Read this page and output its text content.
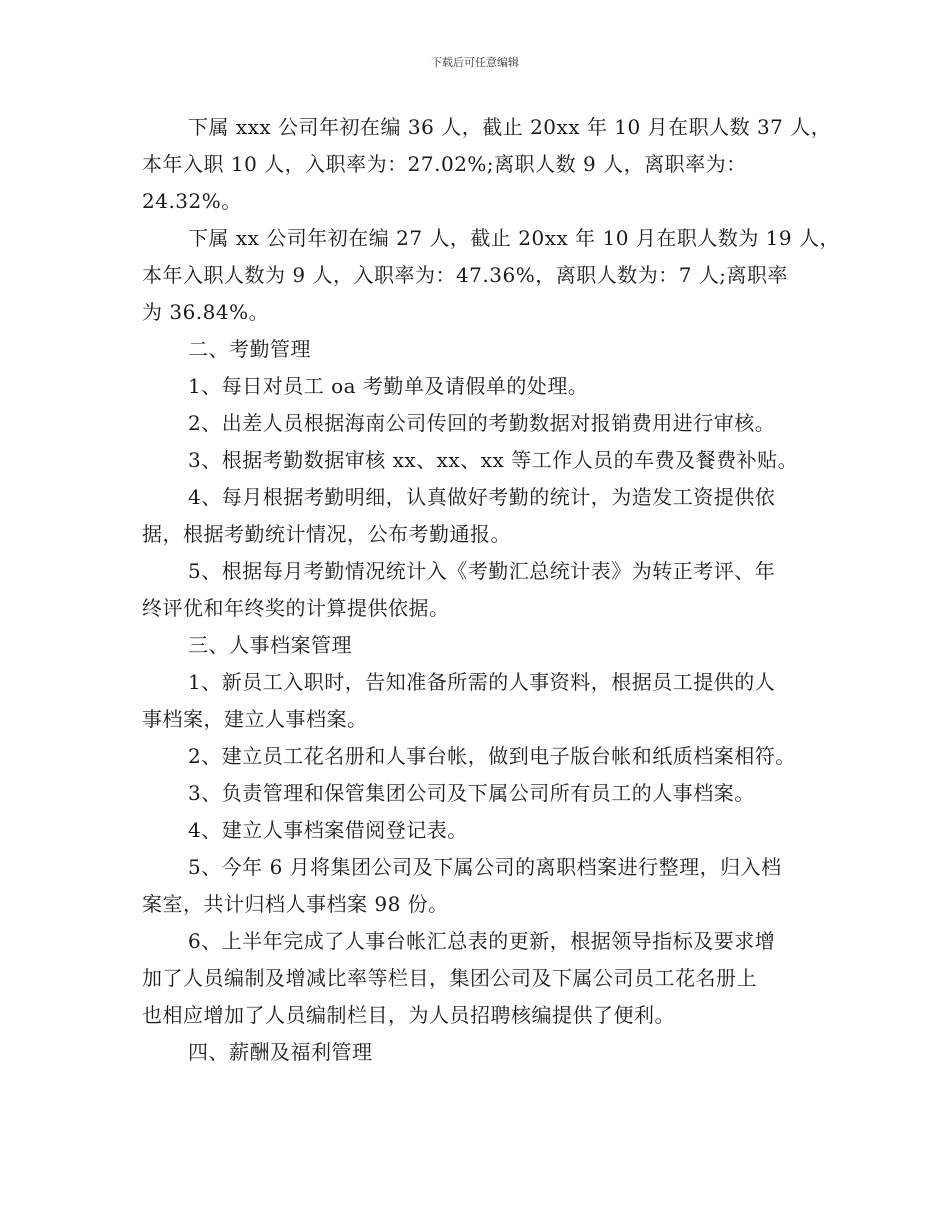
下载后可任意编辑
下属 xxx 公司年初在编 36 人，截止 20xx 年 10 月在职人数 37 人，
本年入职 10 人，入职率为：27.02%;离职人数 9 人，离职率为：
24.32%。
下属 xx 公司年初在编 27 人，截止 20xx 年 10 月在职人数为 19 人，
本年入职人数为 9 人，入职率为：47.36%，离职人数为：7 人;离职率
为 36.84%。
二、考勤管理
1、每日对员工 oa 考勤单及请假单的处理。
2、出差人员根据海南公司传回的考勤数据对报销费用进行审核。
3、根据考勤数据审核 xx、xx、xx 等工作人员的车费及餐费补贴。
4、每月根据考勤明细，认真做好考勤的统计，为造发工资提供依
据，根据考勤统计情况，公布考勤通报。
5、根据每月考勤情况统计入《考勤汇总统计表》为转正考评、年
终评优和年终奖的计算提供依据。
三、人事档案管理
1、新员工入职时，告知准备所需的人事资料，根据员工提供的人
事档案，建立人事档案。
2、建立员工花名册和人事台帐，做到电子版台帐和纸质档案相符。
3、负责管理和保管集团公司及下属公司所有员工的人事档案。
4、建立人事档案借阅登记表。
5、今年 6 月将集团公司及下属公司的离职档案进行整理，归入档
案室，共计归档人事档案 98 份。
6、上半年完成了人事台帐汇总表的更新，根据领导指标及要求增
加了人员编制及增减比率等栏目，集团公司及下属公司员工花名册上
也相应增加了人员编制栏目，为人员招聘核编提供了便利。
四、薪酬及福利管理
